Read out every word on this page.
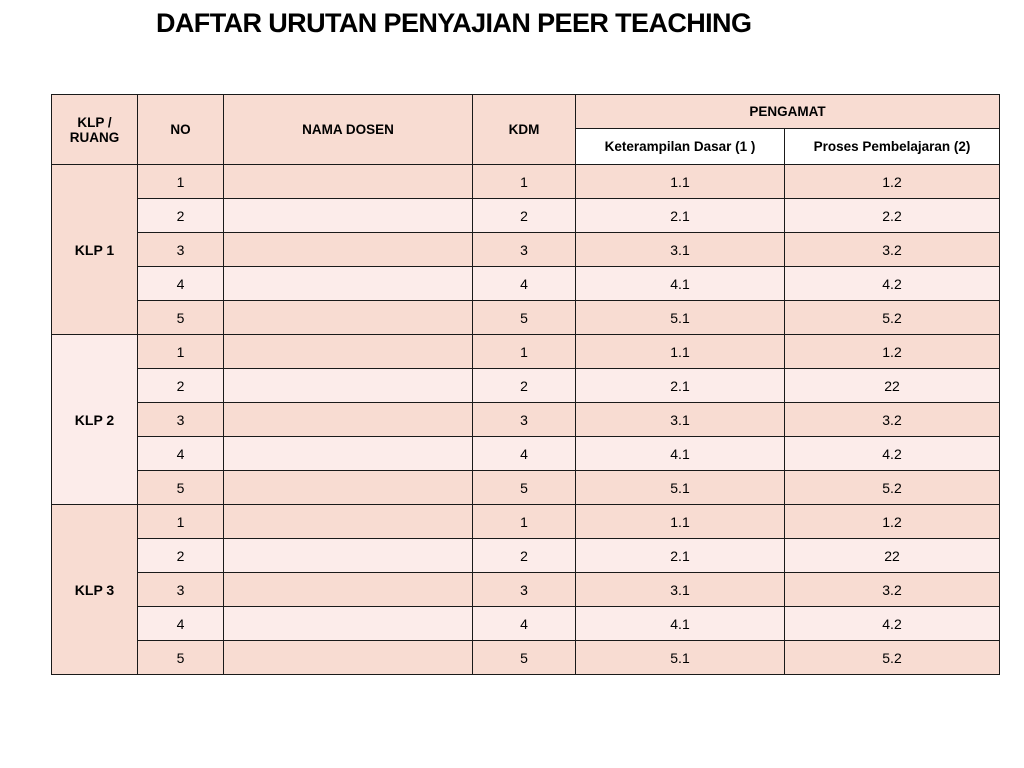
DAFTAR URUTAN PENYAJIAN PEER TEACHING
KLP /
RUANG	NO	NAMA DOSEN	KDM	PENGAMAT	
				Keterampilan Dasar (1 )	Proses Pembelajaran (2)
KLP 1	1		1	1.1	1.2
	2		2	2.1	2.2
	3		3	3.1	3.2
	4		4	4.1	4.2
	5		5	5.1	5.2
KLP 2	1		1	1.1	1.2
	2		2	2.1	22
	3		3	3.1	3.2
	4		4	4.1	4.2
	5		5	5.1	5.2
KLP 3	1		1	1.1	1.2
	2		2	2.1	22
	3		3	3.1	3.2
	4		4	4.1	4.2
	5		5	5.1	5.2
